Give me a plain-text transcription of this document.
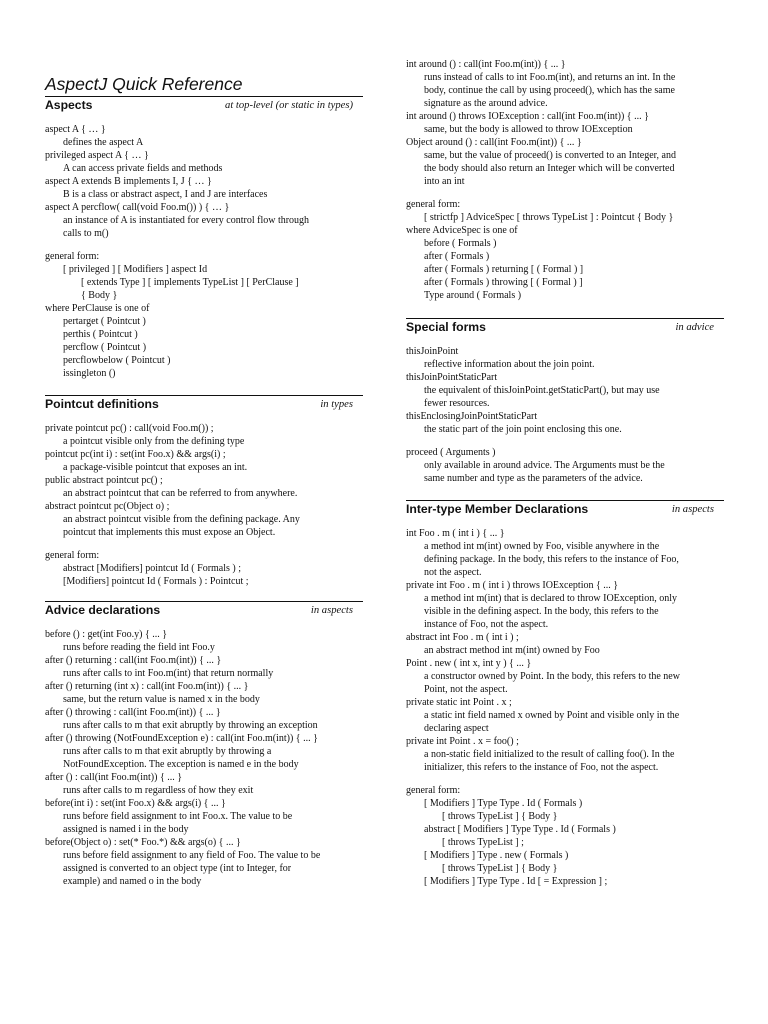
AspectJ Quick Reference
Aspects	at top-level (or static in types)
aspect A { … }
defines the aspect A
privileged aspect A { … }
A can access private fields and methods
aspect A extends B implements I, J { … }
B is a class or abstract aspect, I and J are interfaces
aspect A percflow( call(void Foo.m()) ) { … }
an instance of A is instantiated for every control flow through
calls to m()
general form:
[ privileged ] [ Modifiers ] aspect Id
[ extends Type ] [ implements TypeList ] [ PerClause ]
{ Body }
where PerClause is one of
pertarget ( Pointcut )
perthis ( Pointcut )
percflow ( Pointcut )
percflowbelow ( Pointcut )
issingleton ()
Pointcut definitions	in types
private pointcut pc() : call(void Foo.m()) ;
a pointcut visible only from the defining type
pointcut pc(int i) : set(int Foo.x) && args(i) ;
a package-visible pointcut that exposes an int.
public abstract pointcut pc() ;
an abstract pointcut that can be referred to from anywhere.
abstract pointcut pc(Object o) ;
an abstract pointcut visible from the defining package. Any
pointcut that implements this must expose an Object.
general form:
abstract [Modifiers] pointcut Id ( Formals ) ;
[Modifiers] pointcut Id ( Formals ) : Pointcut ;
Advice declarations	in aspects
before () : get(int Foo.y) { ... }
runs before reading the field int Foo.y
after () returning : call(int Foo.m(int)) { ... }
runs after calls to int Foo.m(int) that return normally
after () returning (int x) : call(int Foo.m(int)) { ... }
same, but the return value is named x in the body
after () throwing : call(int Foo.m(int)) { ... }
runs after calls to m that exit abruptly by throwing an exception
after () throwing (NotFoundException e) : call(int Foo.m(int)) { ... }
runs after calls to m that exit abruptly by throwing a
NotFoundException. The exception is named e in the body
after () : call(int Foo.m(int)) { ... }
runs after calls to m regardless of how they exit
before(int i) : set(int Foo.x) && args(i) { ... }
runs before field assignment to int Foo.x. The value to be
assigned is named i in the body
before(Object o) : set(* Foo.*) && args(o) { ... }
runs before field assignment to any field of Foo. The value to be
assigned is converted to an object type (int to Integer, for
example) and named o in the body
int around () : call(int Foo.m(int)) { ... }
runs instead of calls to int Foo.m(int), and returns an int. In the
body, continue the call by using proceed(), which has the same
signature as the around advice.
int around () throws IOException : call(int Foo.m(int)) { ... }
same, but the body is allowed to throw IOException
Object around () : call(int Foo.m(int)) { ... }
same, but the value of proceed() is converted to an Integer, and
the body should also return an Integer which will be converted
into an int
general form:
[ strictfp ] AdviceSpec [ throws TypeList ] : Pointcut { Body }
where AdviceSpec is one of
before ( Formals )
after ( Formals )
after ( Formals ) returning [ ( Formal ) ]
after ( Formals ) throwing [ ( Formal ) ]
Type around ( Formals )
Special forms	in advice
thisJoinPoint
reflective information about the join point.
thisJoinPointStaticPart
the equivalent of thisJoinPoint.getStaticPart(), but may use
fewer resources.
thisEnclosingJoinPointStaticPart
the static part of the join point enclosing this one.
proceed ( Arguments )
only available in around advice. The Arguments must be the
same number and type as the parameters of the advice.
Inter-type Member Declarations	in aspects
int Foo . m ( int i ) { ... }
a method int m(int) owned by Foo, visible anywhere in the
defining package. In the body, this refers to the instance of Foo,
not the aspect.
private int Foo . m ( int i ) throws IOException { ... }
a method int m(int) that is declared to throw IOException, only
visible in the defining aspect. In the body, this refers to the
instance of Foo, not the aspect.
abstract int Foo . m ( int i ) ;
an abstract method int m(int) owned by Foo
Point . new ( int x, int y ) { ... }
a constructor owned by Point. In the body, this refers to the new
Point, not the aspect.
private static int Point . x ;
a static int field named x owned by Point and visible only in the
declaring aspect
private int Point . x = foo() ;
a non-static field initialized to the result of calling foo(). In the
initializer, this refers to the instance of Foo, not the aspect.
general form:
[ Modifiers ] Type Type . Id ( Formals )
[ throws TypeList ] { Body }
abstract [ Modifiers ] Type Type . Id ( Formals )
[ throws TypeList ] ;
[ Modifiers ] Type . new ( Formals )
[ throws TypeList ] { Body }
[ Modifiers ] Type Type . Id [ = Expression ] ;
